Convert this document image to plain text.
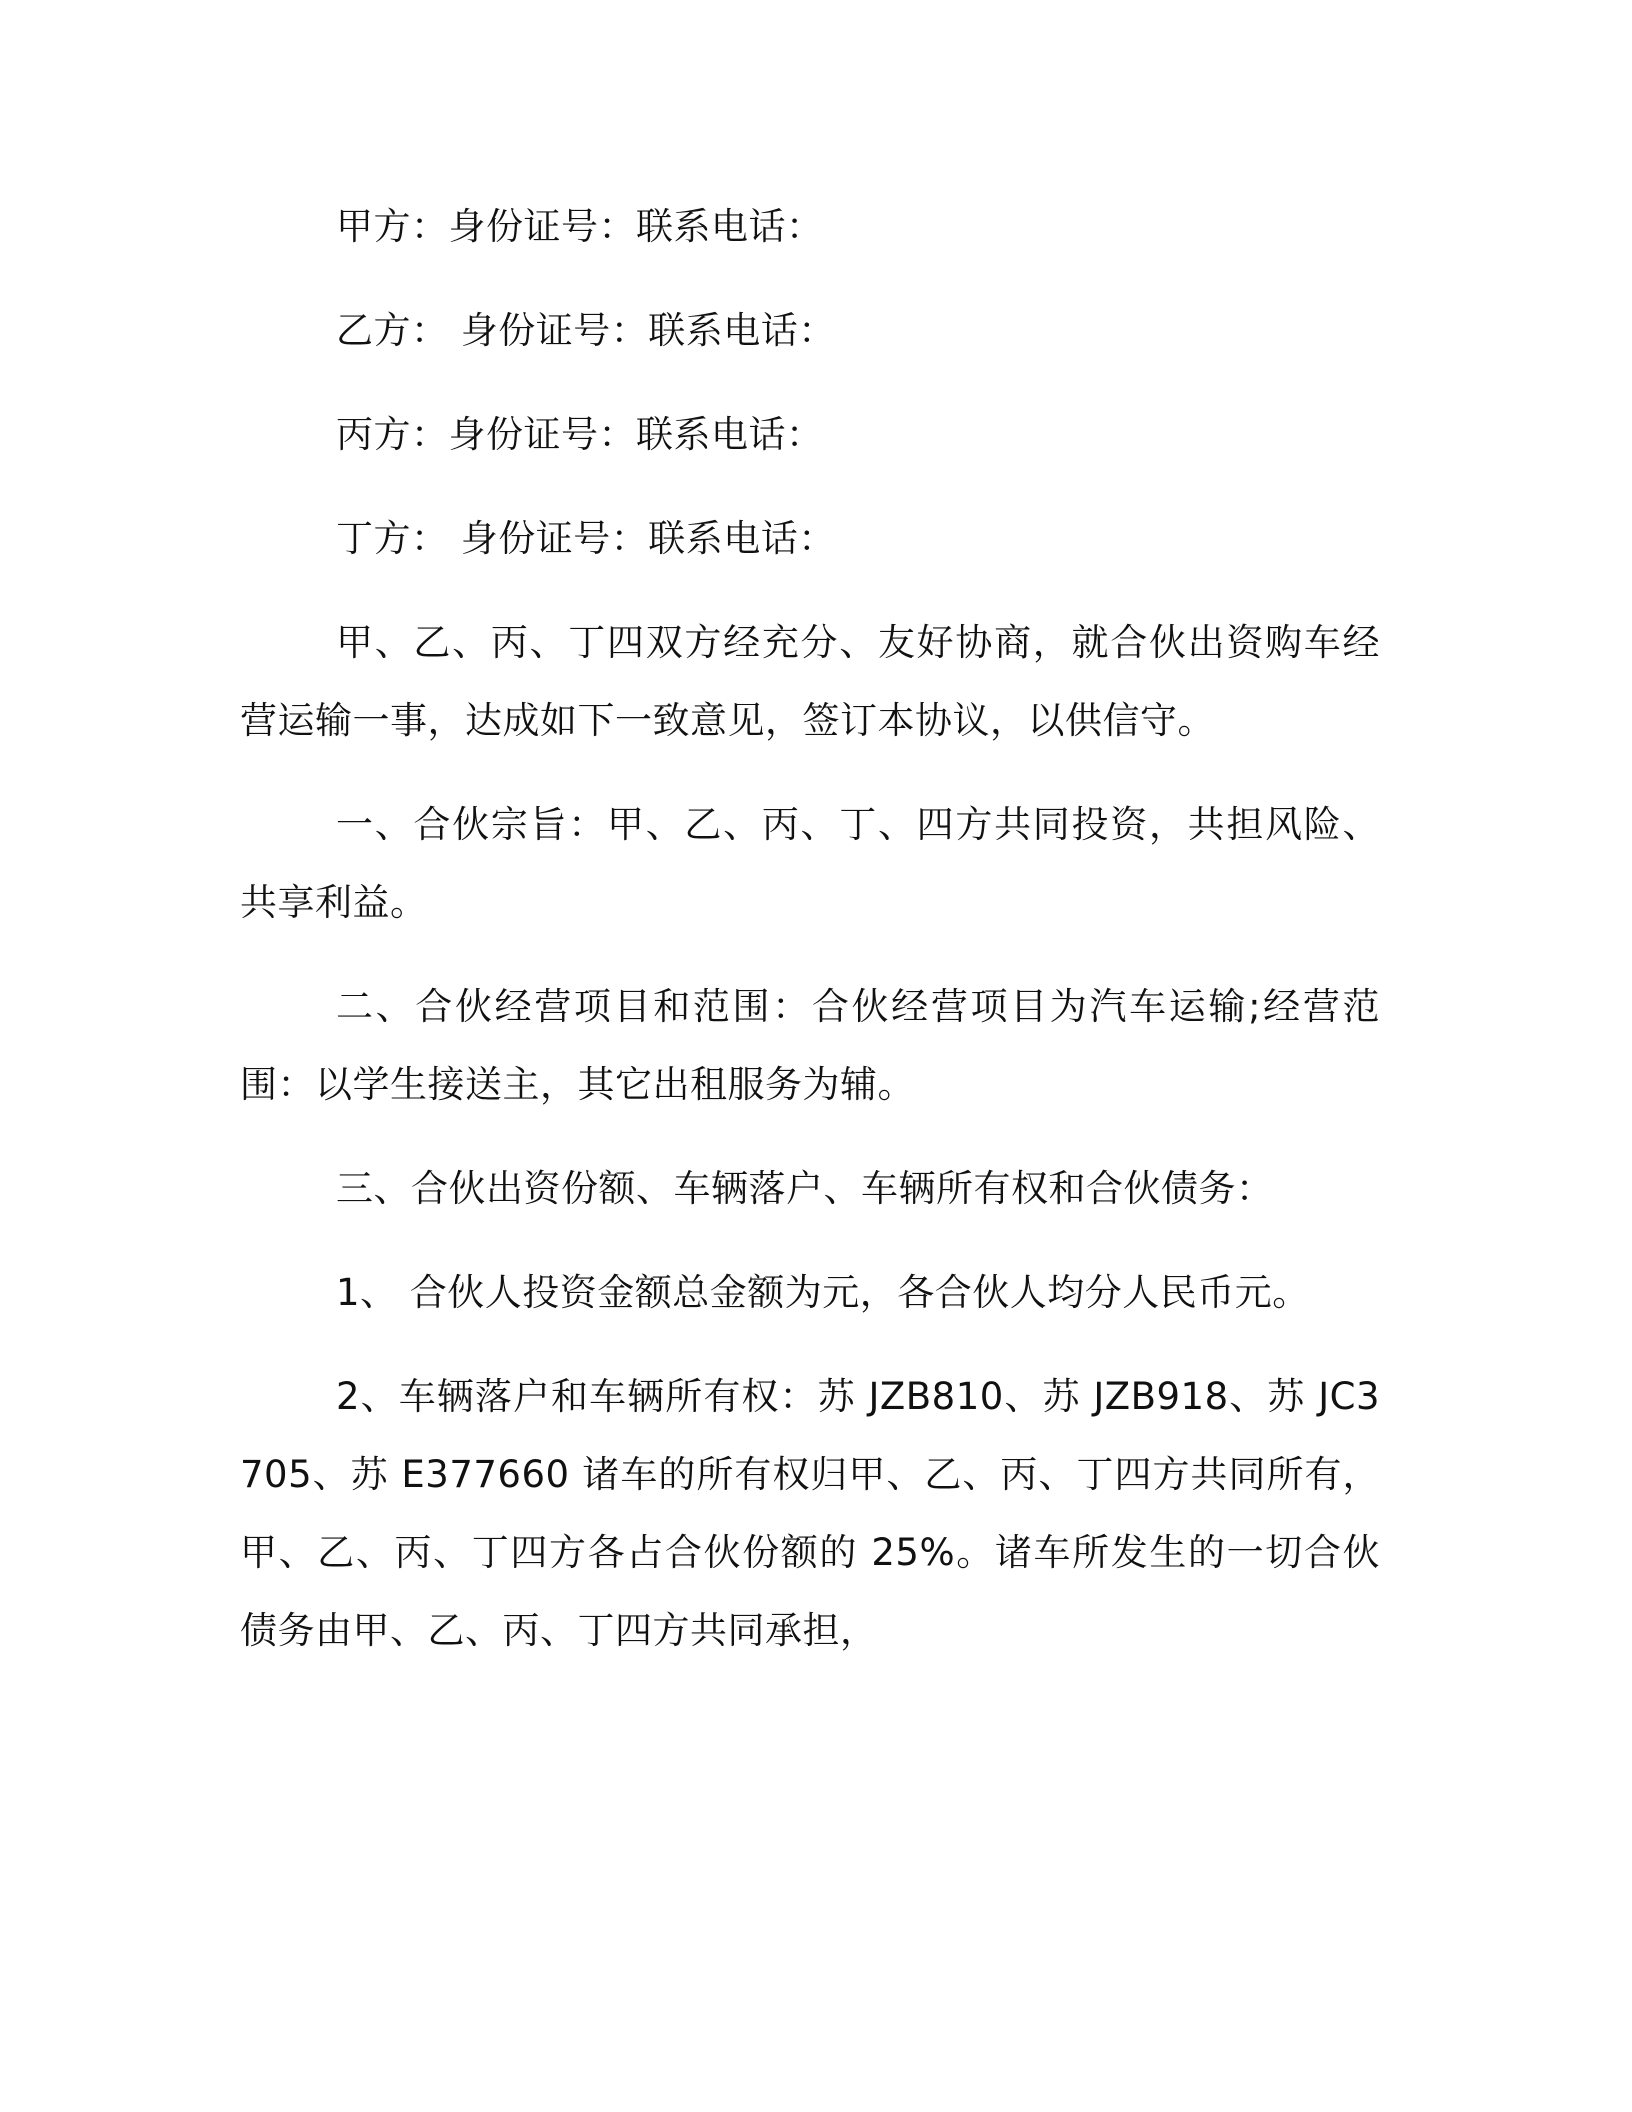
甲方：身份证号：联系电话：

乙方： 身份证号：联系电话：

丙方：身份证号：联系电话：

丁方： 身份证号：联系电话：

甲、乙、丙、丁四双方经充分、友好协商，就合伙出资购车经营运输一事，达成如下一致意见，签订本协议，以供信守。

一、合伙宗旨：甲、乙、丙、丁、四方共同投资，共担风险、共享利益。

二、合伙经营项目和范围：合伙经营项目为汽车运输;经营范围：以学生接送主，其它出租服务为辅。

三、合伙出资份额、车辆落户、车辆所有权和合伙债务：

1、 合伙人投资金额总金额为元，各合伙人均分人民币元。

2、车辆落户和车辆所有权：苏 JZB810、苏 JZB918、苏 JC3705、苏 E377660 诸车的所有权归甲、乙、丙、丁四方共同所有，甲、乙、丙、丁四方各占合伙份额的 25%。诸车所发生的一切合伙债务由甲、乙、丙、丁四方共同承担，
